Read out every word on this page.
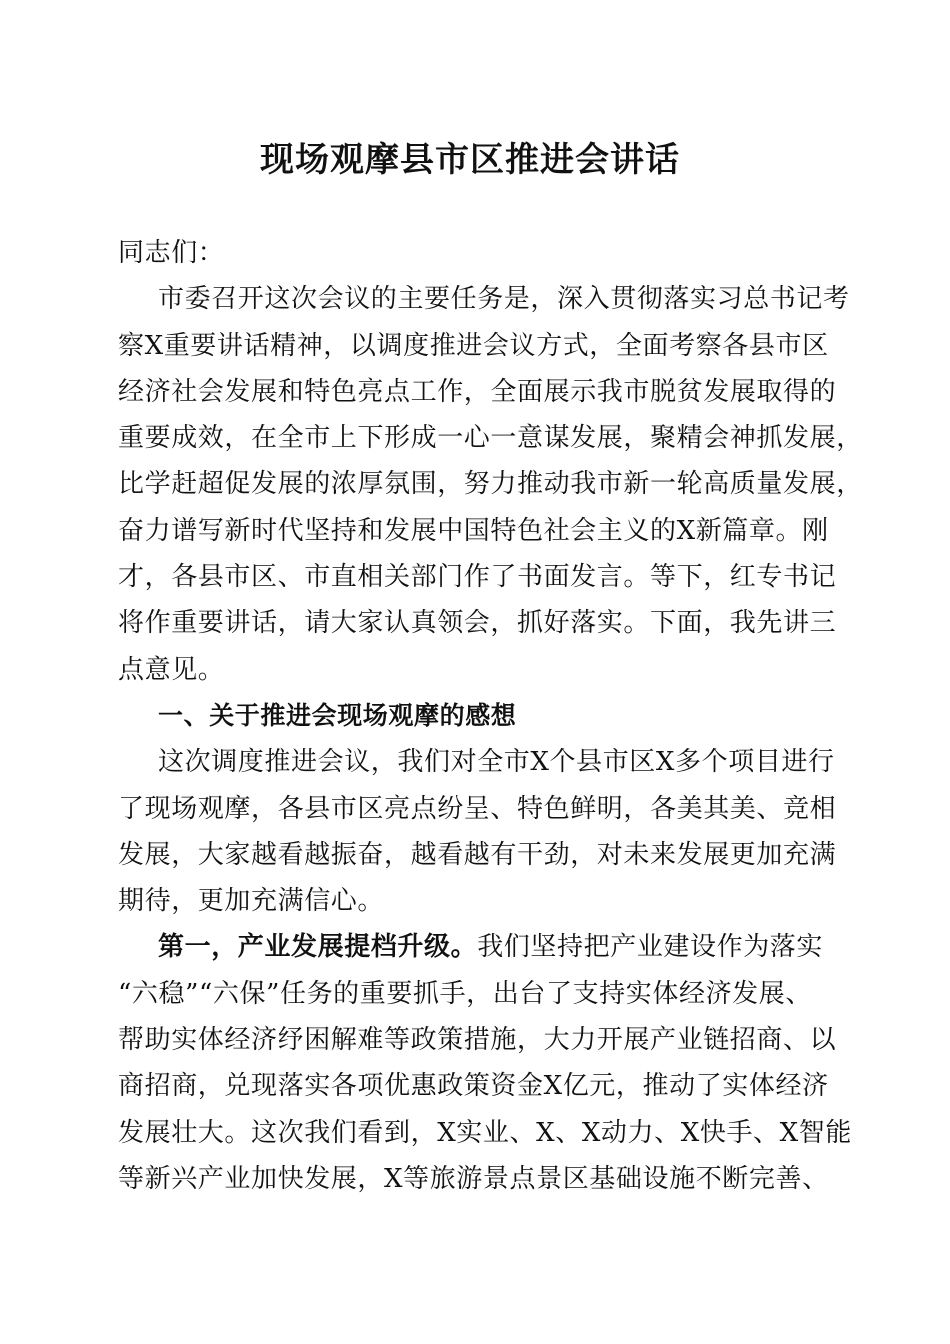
现场观摩县市区推进会讲话
同志们：
市委召开这次会议的主要任务是，深入贯彻落实习总书记考
察X重要讲话精神，以调度推进会议方式，全面考察各县市区
经济社会发展和特色亮点工作，全面展示我市脱贫发展取得的
重要成效，在全市上下形成一心一意谋发展，聚精会神抓发展，
比学赶超促发展的浓厚氛围，努力推动我市新一轮高质量发展，
奋力谱写新时代坚持和发展中国特色社会主义的X新篇章。刚
才，各县市区、市直相关部门作了书面发言。等下，红专书记
将作重要讲话，请大家认真领会，抓好落实。下面，我先讲三
点意见。
一、关于推进会现场观摩的感想
这次调度推进会议，我们对全市X个县市区X多个项目进行
了现场观摩，各县市区亮点纷呈、特色鲜明，各美其美、竞相
发展，大家越看越振奋，越看越有干劲，对未来发展更加充满
期待，更加充满信心。
第一，产业发展提档升级。我们坚持把产业建设作为落实
“六稳”“六保”任务的重要抓手，出台了支持实体经济发展、
帮助实体经济纾困解难等政策措施，大力开展产业链招商、以
商招商，兑现落实各项优惠政策资金X亿元，推动了实体经济
发展壮大。这次我们看到，X实业、X、X动力、X快手、X智能
等新兴产业加快发展，X等旅游景点景区基础设施不断完善、
